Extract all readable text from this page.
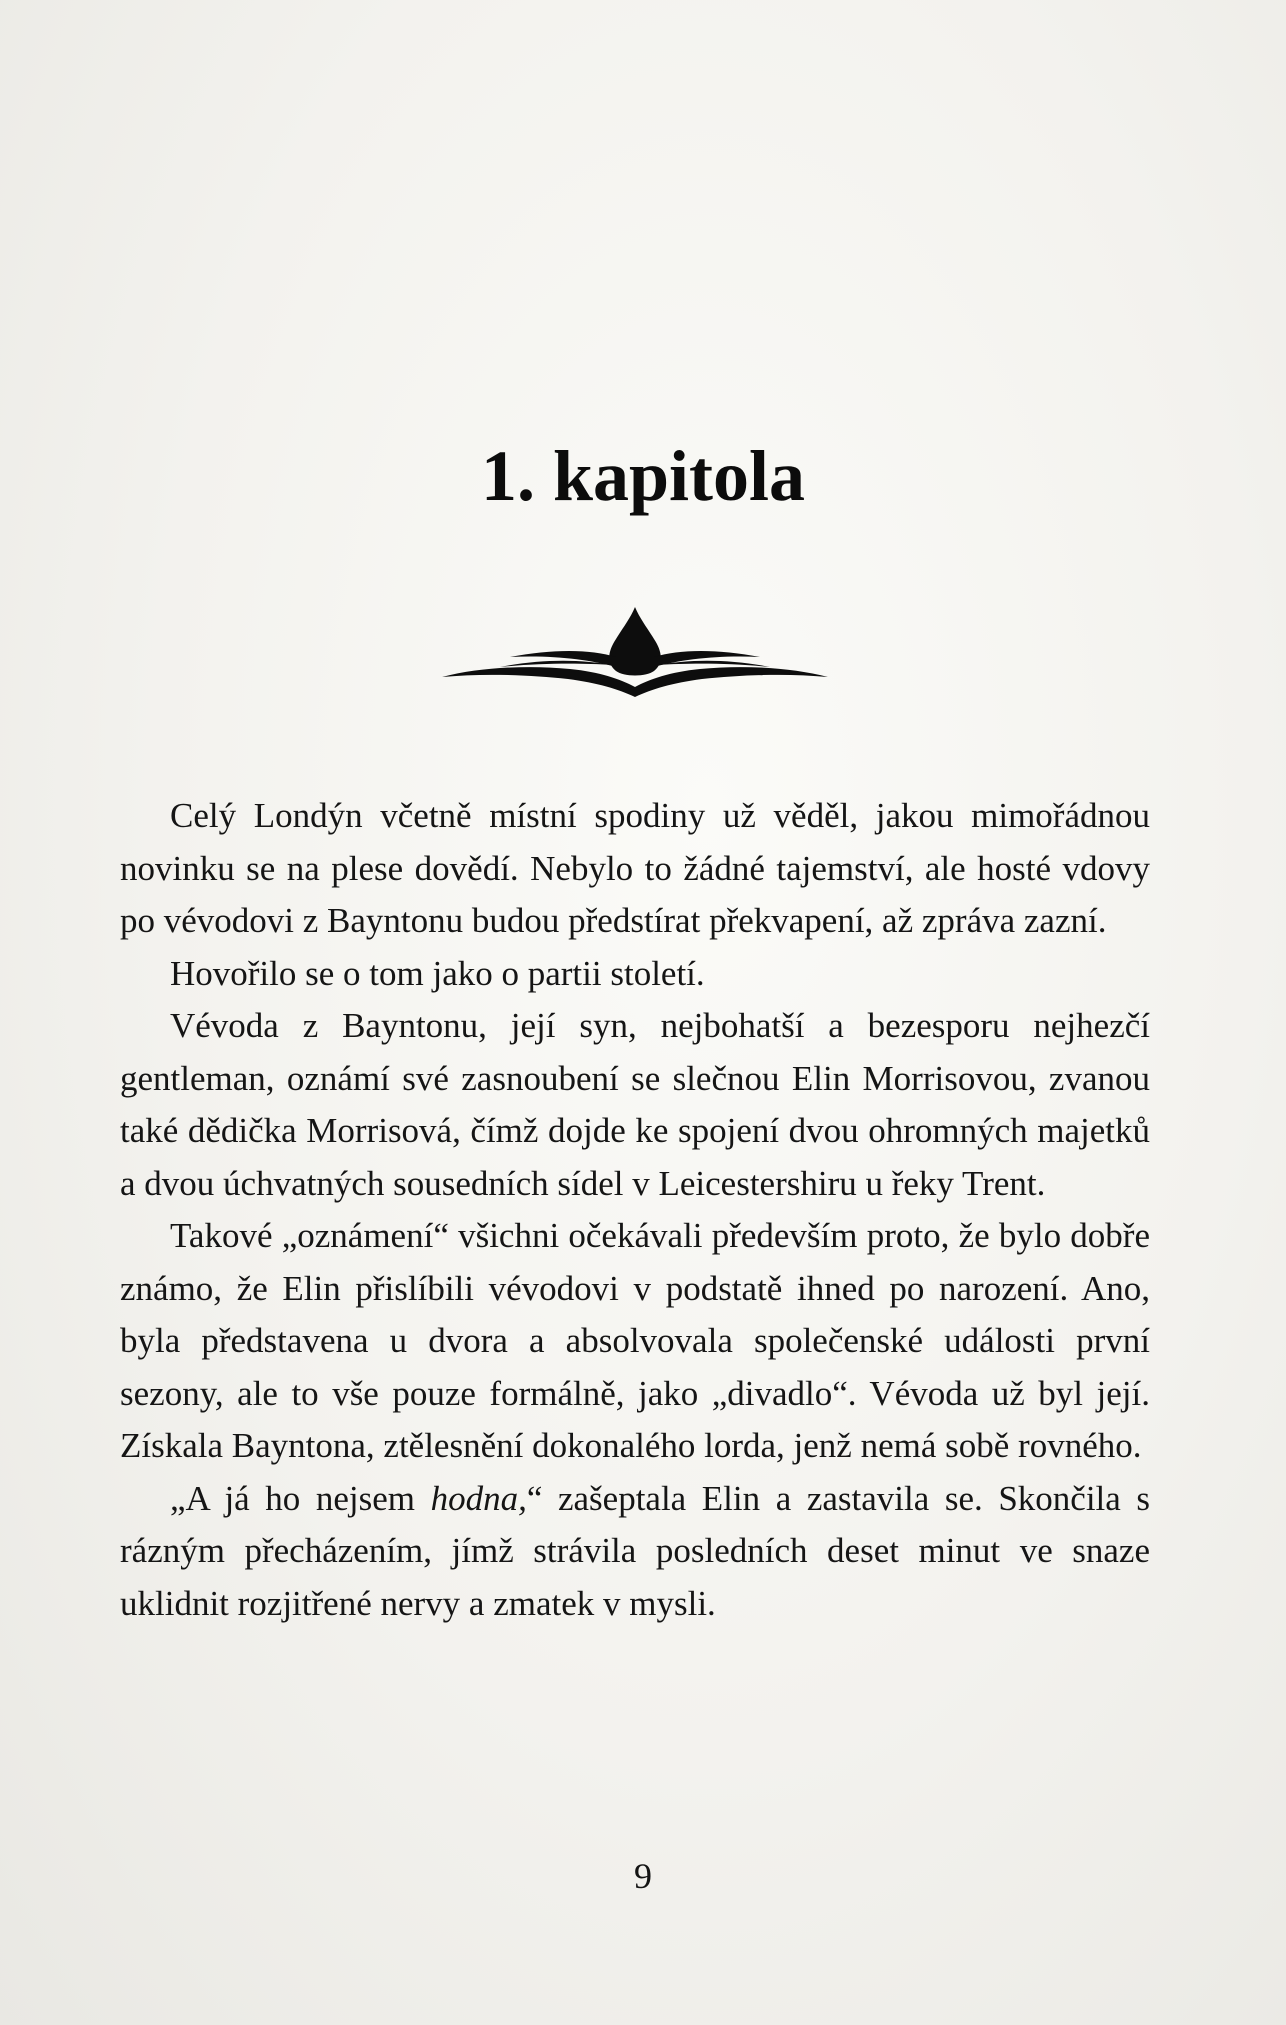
1. kapitola

Celý Londýn včetně místní spodiny už věděl, jakou mimořádnou novinku se na plese dovědí. Nebylo to žádné tajemství, ale hosté vdovy po vévodovi z Bayntonu budou předstírat překvapení, až zpráva zazní.

Hovořilo se o tom jako o partii století.

Vévoda z Bayntonu, její syn, nejbohatší a bezesporu nejhezčí gentleman, oznámí své zasnoubení se slečnou Elin Morrisovou, zvanou také dědička Morrisová, čímž dojde ke spojení dvou ohromných majetků a dvou úchvatných sousedních sídel v Leicestershiru u řeky Trent.

Takové „oznámení“ všichni očekávali především proto, že bylo dobře známo, že Elin přislíbili vévodovi v podstatě ihned po narození. Ano, byla představena u dvora a absolvovala společenské události první sezony, ale to vše pouze formálně, jako „divadlo“. Vévoda už byl její. Získala Bayntona, ztělesnění dokonalého lorda, jenž nemá sobě rovného.

„A já ho nejsem hodna,“ zašeptala Elin a zastavila se. Skončila s rázným přecházením, jímž strávila posledních deset minut ve snaze uklidnit rozjitřené nervy a zmatek v mysli.

9
